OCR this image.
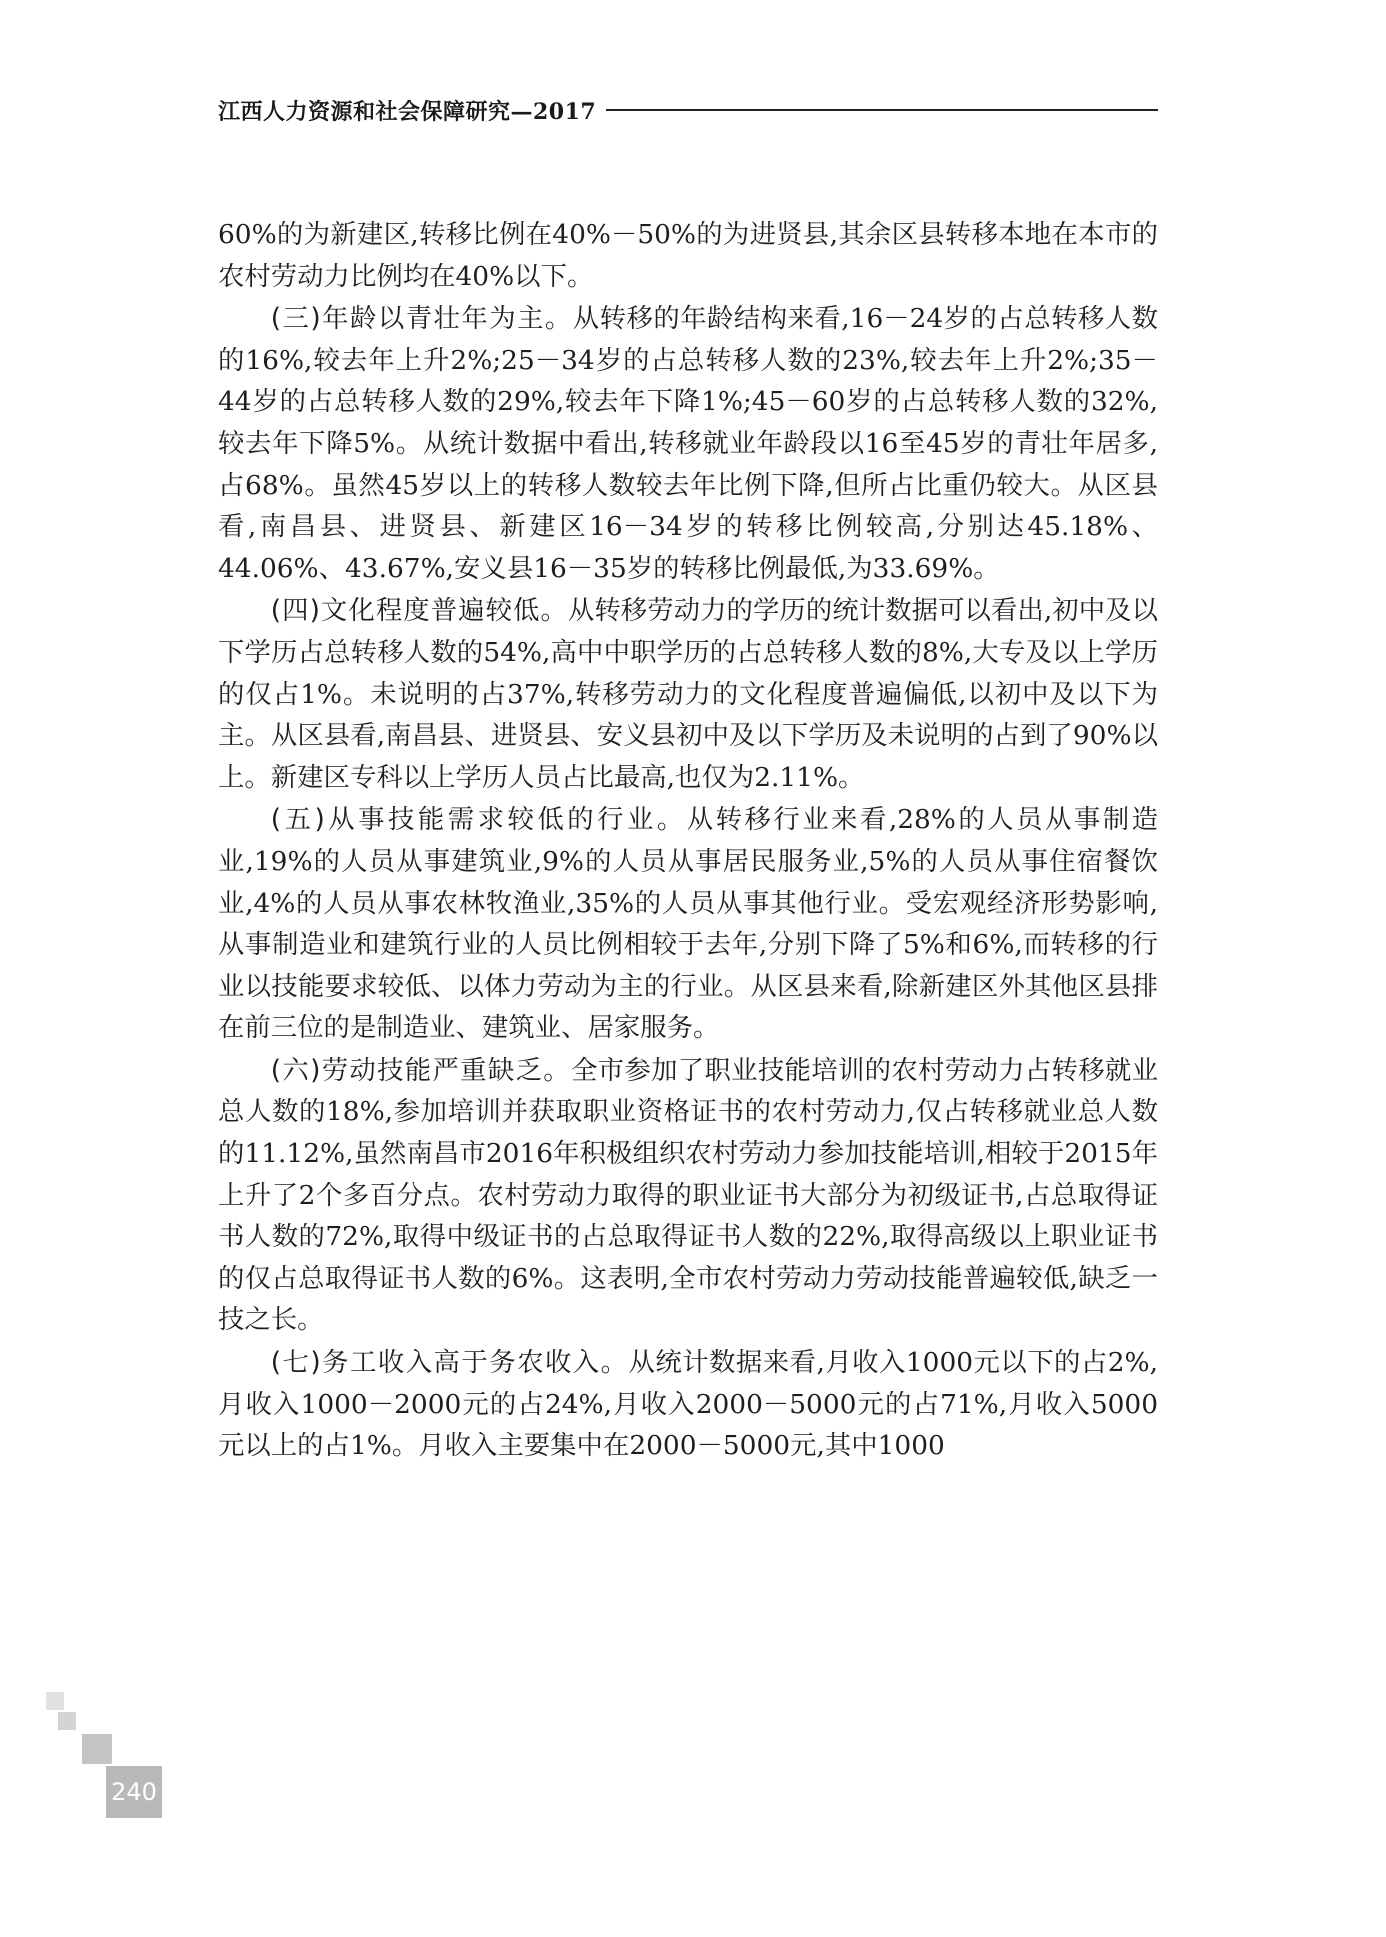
江西人力资源和社会保障研究—2017

60%的为新建区,转移比例在40%－50%的为进贤县,其余区县转移本地在本市的农村劳动力比例均在40%以下。

(三)年龄以青壮年为主。从转移的年龄结构来看,16－24岁的占总转移人数的16%,较去年上升2%;25－34岁的占总转移人数的23%,较去年上升2%;35－44岁的占总转移人数的29%,较去年下降1%;45－60岁的占总转移人数的32%,较去年下降5%。从统计数据中看出,转移就业年龄段以16至45岁的青壮年居多,占68%。虽然45岁以上的转移人数较去年比例下降,但所占比重仍较大。从区县看,南昌县、进贤县、新建区16－34岁的转移比例较高,分别达45.18%、44.06%、43.67%,安义县16－35岁的转移比例最低,为33.69%。

(四)文化程度普遍较低。从转移劳动力的学历的统计数据可以看出,初中及以下学历占总转移人数的54%,高中中职学历的占总转移人数的8%,大专及以上学历的仅占1%。未说明的占37%,转移劳动力的文化程度普遍偏低,以初中及以下为主。从区县看,南昌县、进贤县、安义县初中及以下学历及未说明的占到了90%以上。新建区专科以上学历人员占比最高,也仅为2.11%。

(五)从事技能需求较低的行业。从转移行业来看,28%的人员从事制造业,19%的人员从事建筑业,9%的人员从事居民服务业,5%的人员从事住宿餐饮业,4%的人员从事农林牧渔业,35%的人员从事其他行业。受宏观经济形势影响,从事制造业和建筑行业的人员比例相较于去年,分别下降了5%和6%,而转移的行业以技能要求较低、以体力劳动为主的行业。从区县来看,除新建区外其他区县排在前三位的是制造业、建筑业、居家服务。

(六)劳动技能严重缺乏。全市参加了职业技能培训的农村劳动力占转移就业总人数的18%,参加培训并获取职业资格证书的农村劳动力,仅占转移就业总人数的11.12%,虽然南昌市2016年积极组织农村劳动力参加技能培训,相较于2015年上升了2个多百分点。农村劳动力取得的职业证书大部分为初级证书,占总取得证书人数的72%,取得中级证书的占总取得证书人数的22%,取得高级以上职业证书的仅占总取得证书人数的6%。这表明,全市农村劳动力劳动技能普遍较低,缺乏一技之长。

(七)务工收入高于务农收入。从统计数据来看,月收入1000元以下的占2%,月收入1000－2000元的占24%,月收入2000－5000元的占71%,月收入5000元以上的占1%。月收入主要集中在2000－5000元,其中1000

240
